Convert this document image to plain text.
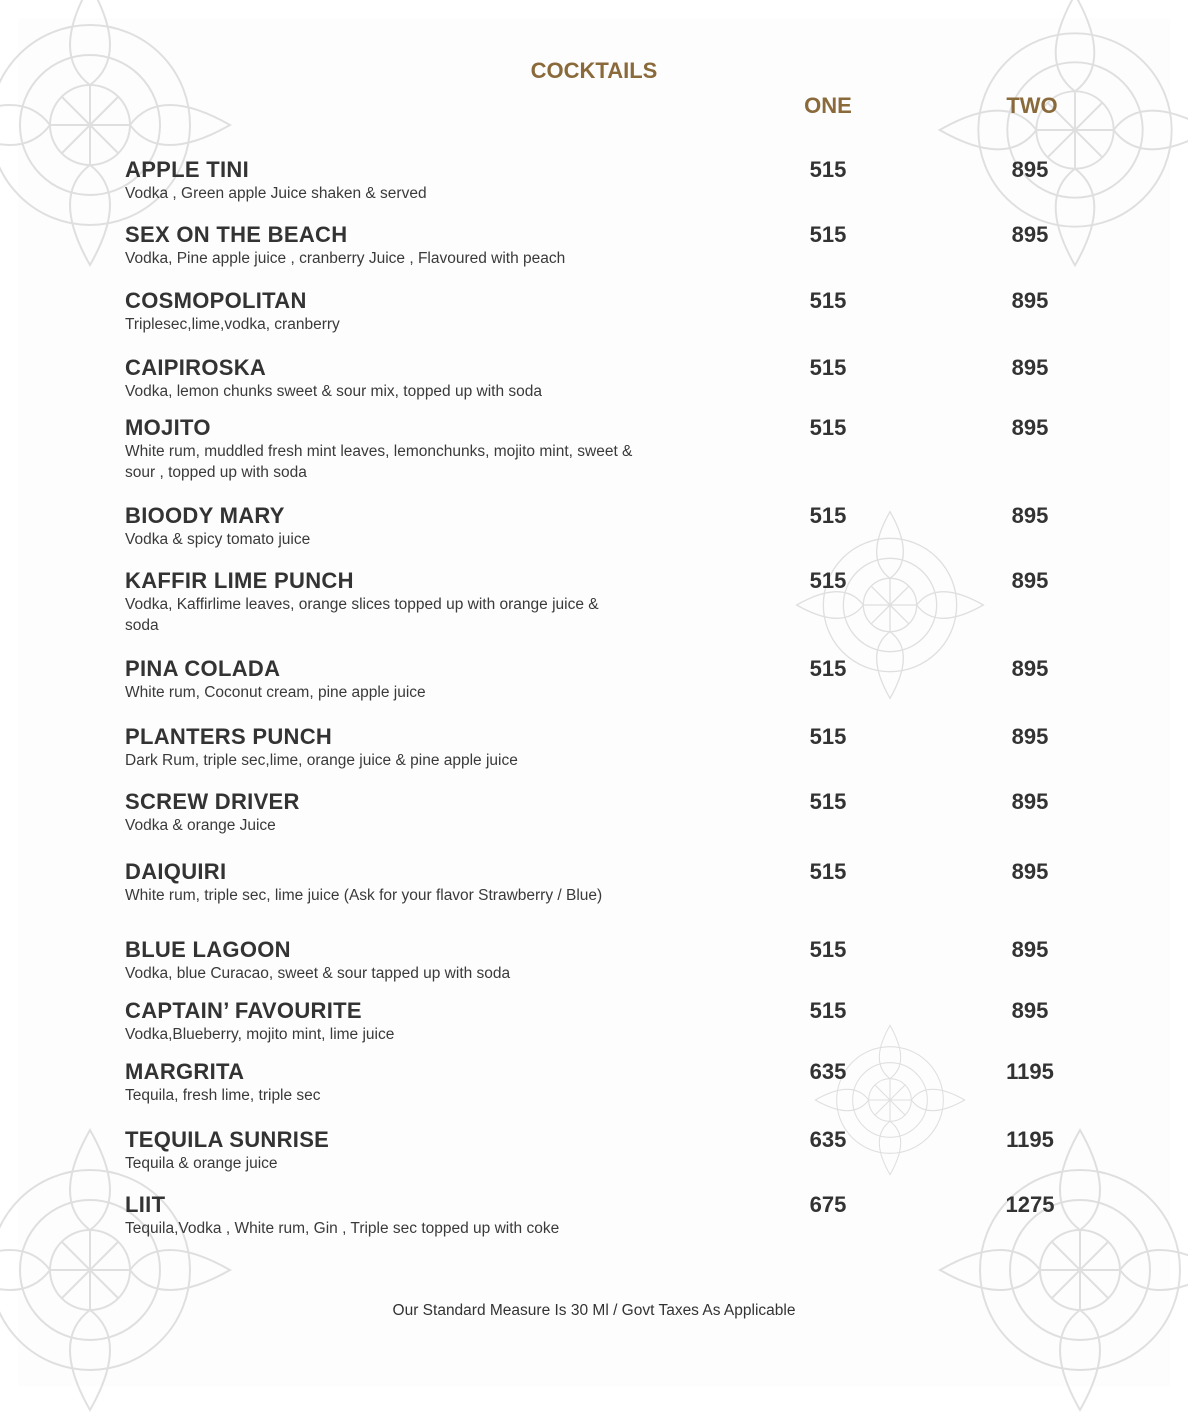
COCKTAILS
ONE	TWO
APPLE TINI
Vodka , Green apple Juice shaken & served
515	895
SEX ON THE BEACH
Vodka, Pine apple juice , cranberry Juice , Flavoured with peach
515	895
COSMOPOLITAN
Triplesec,lime,vodka, cranberry
515	895
CAIPIROSKA
Vodka, lemon chunks sweet & sour mix, topped up with soda
515	895
MOJITO
White rum, muddled fresh mint leaves, lemonchunks, mojito mint, sweet & sour , topped up with soda
515	895
BIOODY MARY
Vodka & spicy tomato juice
515	895
KAFFIR LIME PUNCH
Vodka, Kaffirlime leaves, orange slices topped up with orange juice & soda
515	895
PINA COLADA
White rum, Coconut cream, pine apple juice
515	895
PLANTERS PUNCH
Dark Rum, triple sec,lime, orange juice & pine apple juice
515	895
SCREW DRIVER
Vodka & orange Juice
515	895
DAIQUIRI
White rum, triple sec, lime juice (Ask for your flavor Strawberry / Blue)
515	895
BLUE LAGOON
Vodka, blue Curacao, sweet & sour tapped up with soda
515	895
CAPTAIN’ FAVOURITE
Vodka,Blueberry, mojito mint, lime juice
515	895
MARGRITA
Tequila, fresh lime, triple sec
635	1195
TEQUILA SUNRISE
Tequila & orange juice
635	1195
LIIT
Tequila,Vodka , White rum, Gin , Triple sec topped up with coke
675	1275
Our Standard Measure Is 30 Ml / Govt Taxes As Applicable
